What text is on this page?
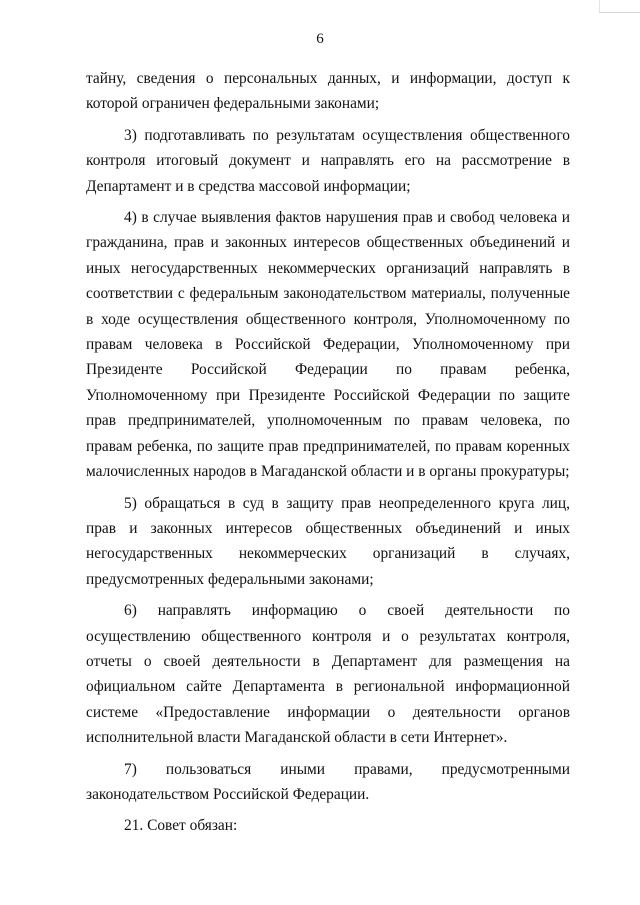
6

тайну, сведения о персональных данных, и информации, доступ к которой ограничен федеральными законами;

3) подготавливать по результатам осуществления общественного контроля итоговый документ и направлять его на рассмотрение в Департамент и в средства массовой информации;

4) в случае выявления фактов нарушения прав и свобод человека и гражданина, прав и законных интересов общественных объединений и иных негосударственных некоммерческих организаций направлять в соответствии с федеральным законодательством материалы, полученные в ходе осуществления общественного контроля, Уполномоченному по правам человека в Российской Федерации, Уполномоченному при Президенте Российской Федерации по правам ребенка, Уполномоченному при Президенте Российской Федерации по защите прав предпринимателей, уполномоченным по правам человека, по правам ребенка, по защите прав предпринимателей, по правам коренных малочисленных народов в Магаданской области и в органы прокуратуры;

5) обращаться в суд в защиту прав неопределенного круга лиц, прав и законных интересов общественных объединений и иных негосударственных некоммерческих организаций в случаях, предусмотренных федеральными законами;

6) направлять информацию о своей деятельности по осуществлению общественного контроля и о результатах контроля, отчеты о своей деятельности в Департамент для размещения на официальном сайте Департамента в региональной информационной системе «Предоставление информации о деятельности органов исполнительной власти Магаданской области в сети Интернет».

7) пользоваться иными правами, предусмотренными законодательством Российской Федерации.

21. Совет обязан:
